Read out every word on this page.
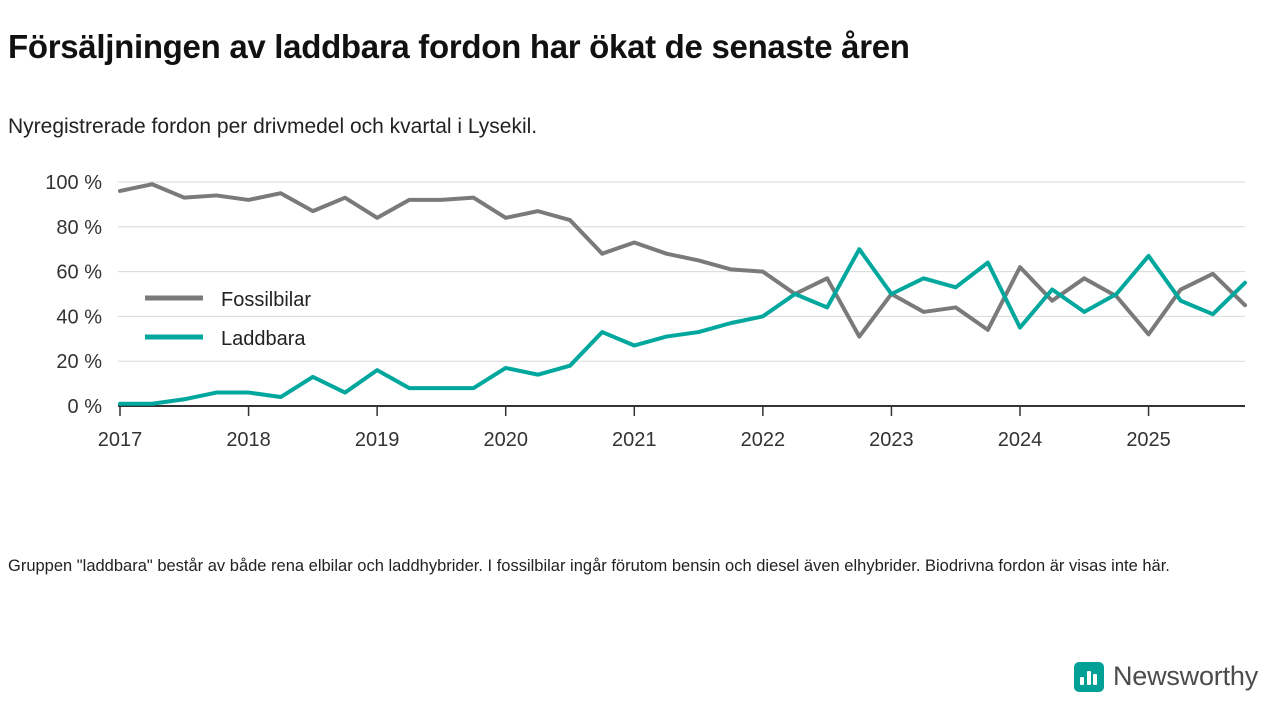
Försäljningen av laddbara fordon har ökat de senaste åren
Nyregistrerade fordon per drivmedel och kvartal i Lysekil.
0 %
20 %
40 %
60 %
80 %
100 %
2017	2018	2019	2020	2021	2022	2023	2024	2025
Fossilbilar
Laddbara
Gruppen "laddbara" består av både rena elbilar och laddhybrider. I fossilbilar ingår förutom bensin och diesel även elhybrider. Biodrivna fordon är visas inte här.
Newsworthy
